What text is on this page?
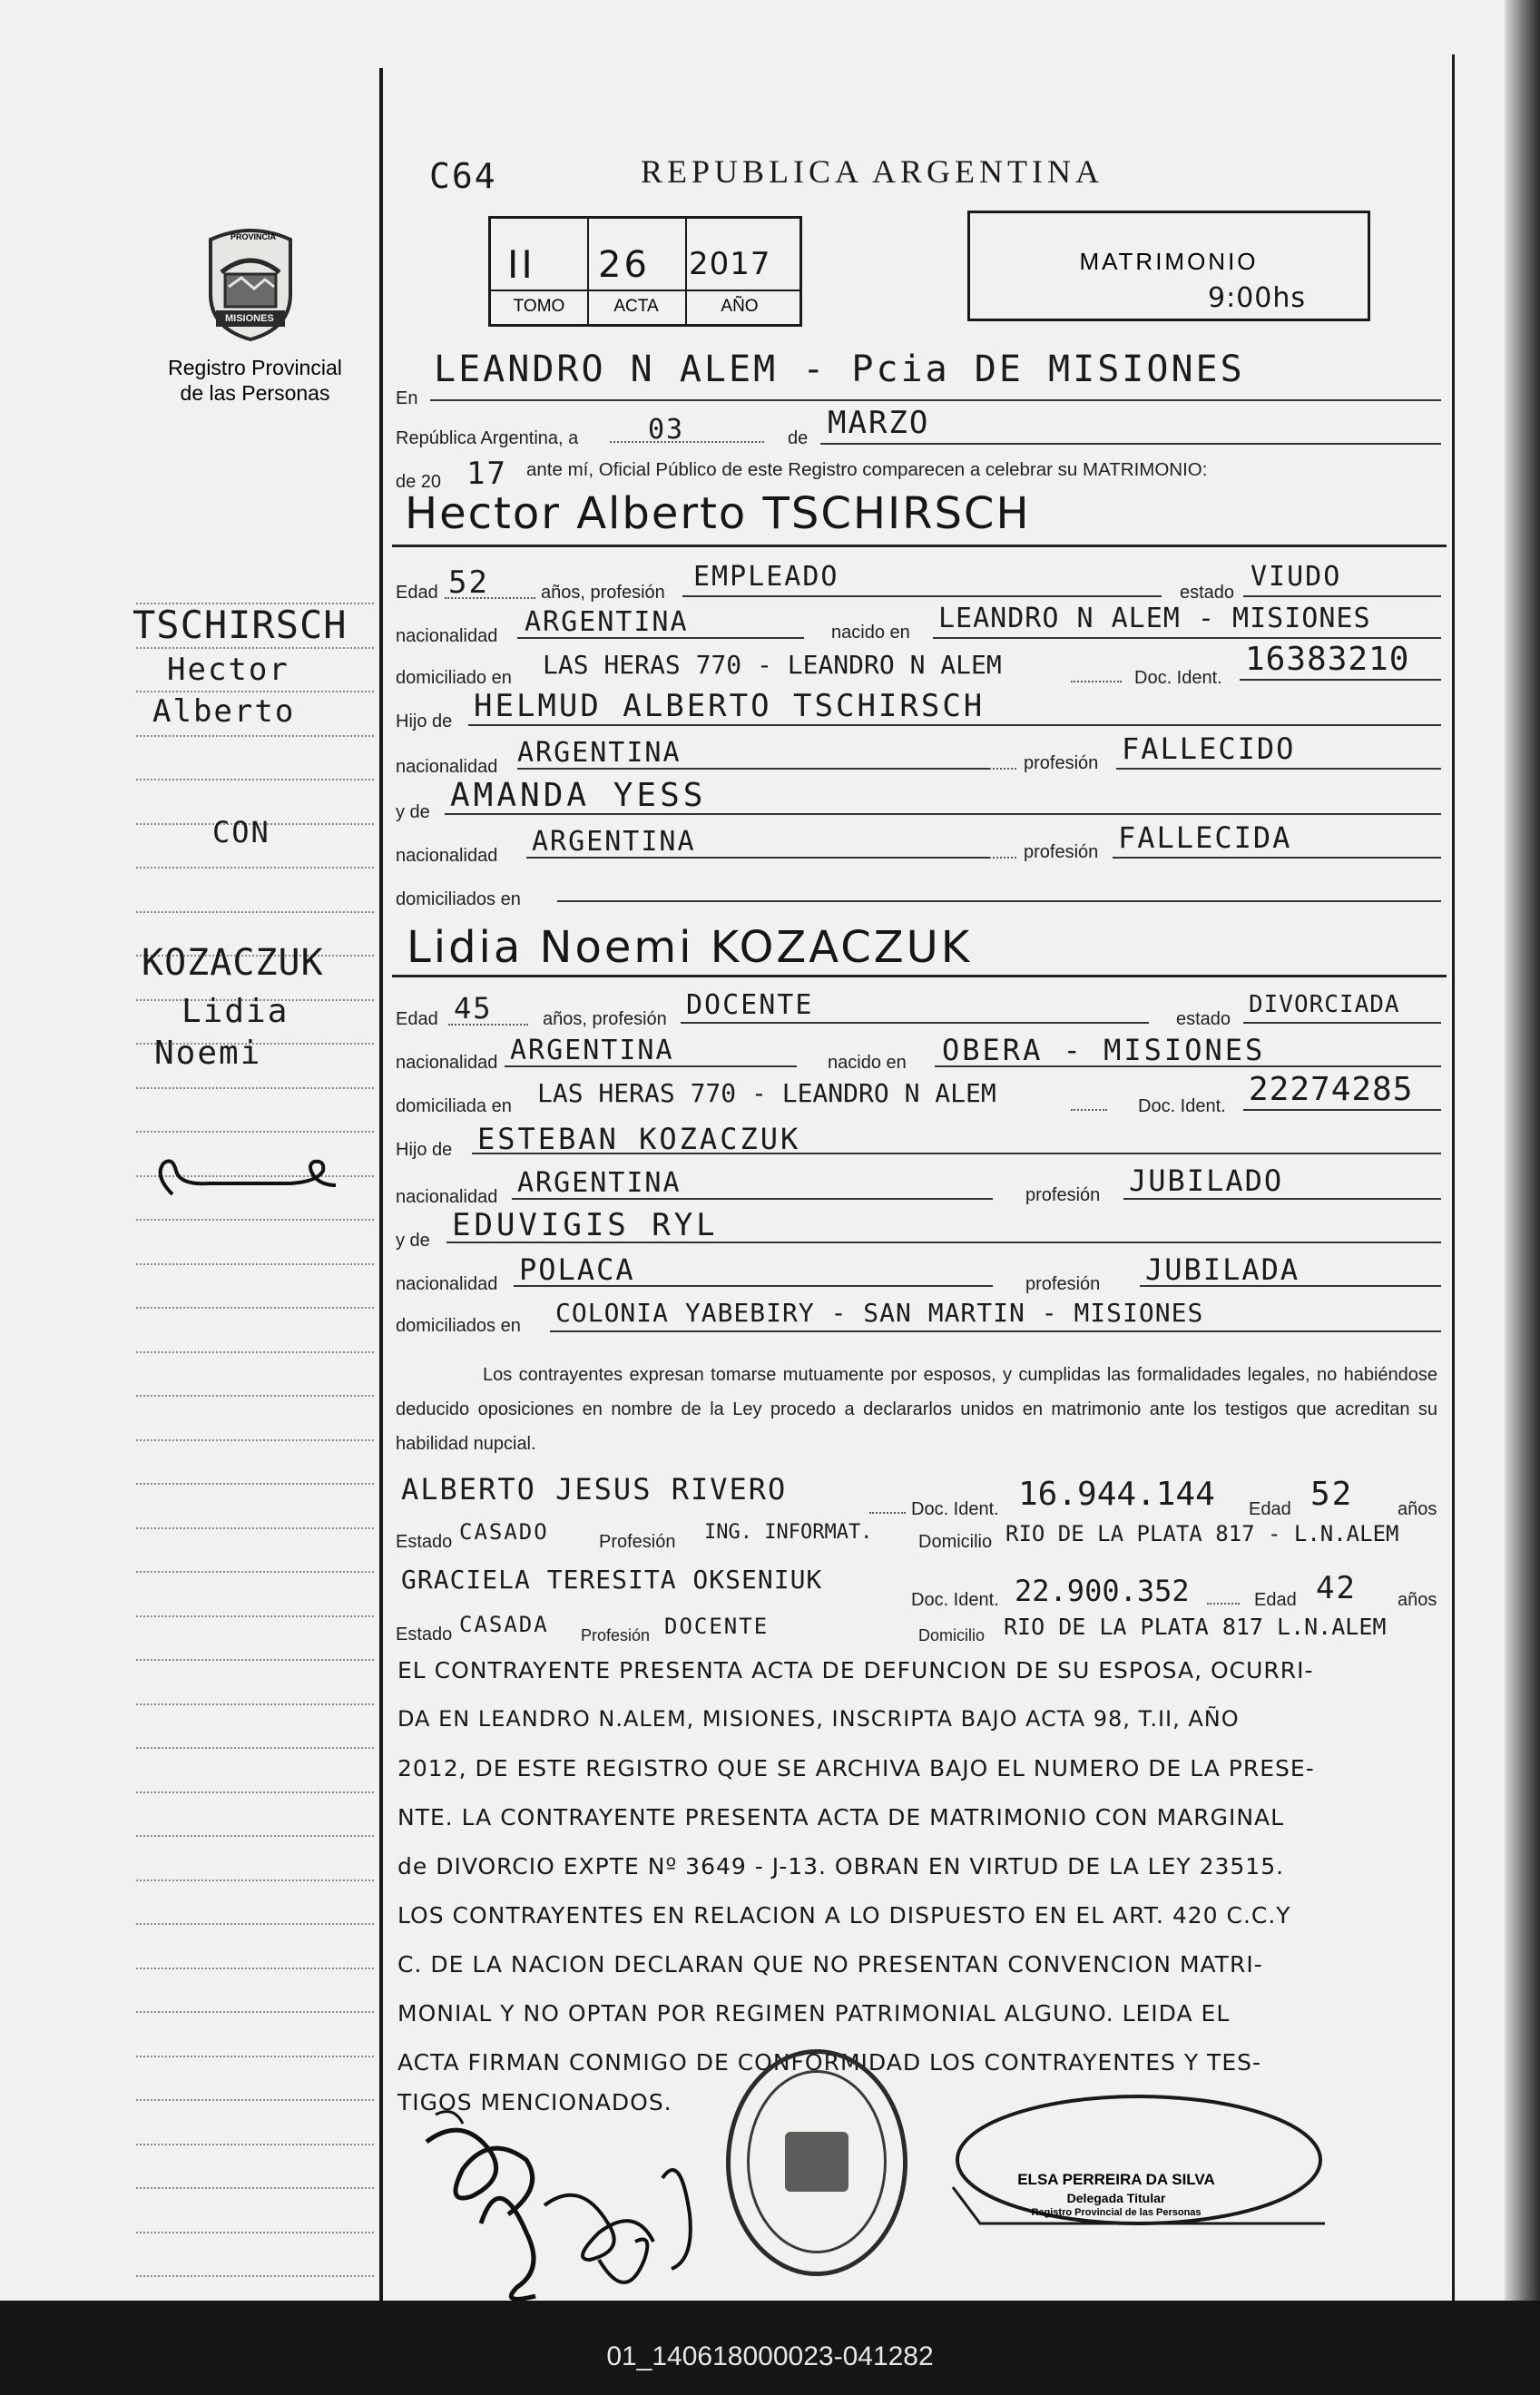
C64	REPUBLICA ARGENTINA
II 26 2017
TOMO	ACTA	AÑO
MATRIMONIO
9:00hs
PROVINCIA
MISIONES
Registro Provincial
de las Personas	En
LEANDRO N ALEM - Pcia DE MISIONES
República Argentina, a	03	de MARZO
de 20 17 ante mí, Oficial Público de este Registro comparecen a celebrar su MATRIMONIO:
Hector Alberto TSCHIRSCH
Edad 52	años, profesión EMPLEADO	estado VIUDO
nacionalidad ARGENTINA	nacido en LEANDRO N ALEM - MISIONES
domiciliado en LAS HERAS 770 - LEANDRO N ALEM	Doc. Ident. 16383210
Hijo de HELMUD ALBERTO TSCHIRSCH
nacionalidad ARGENTINA	profesión FALLECIDO
y de AMANDA YESS
nacionalidad ARGENTINA	profesión FALLECIDA
domiciliados en
Lidia Noemi KOZACZUK
Edad 45	años, profesión DOCENTE	estado
DIVORCIADA
nacionalidad ARGENTINA	nacido en OBERA - MISIONES
domiciliada en LAS HERAS 770 - LEANDRO N ALEM	Doc. Ident. 22274285
Hijo de ESTEBAN KOZACZUK
nacionalidad ARGENTINA	profesión JUBILADO
y de EDUVIGIS RYL
nacionalidad POLACA	profesión JUBILADA
domiciliados en COLONIA YABEBIRY - SAN MARTIN - MISIONES
Los contrayentes expresan tomarse mutuamente por esposos, y cumplidas las formalidades legales, no habiéndose deducido oposiciones en nombre de la Ley procedo a declararlos unidos en matrimonio ante los testigos que acreditan su habilidad nupcial.
ALBERTO JESUS RIVERO
Doc. Ident. 16.944.144 Edad 52 años
Estado CASADO	Profesión ING. INFORMAT.	Domicilio RIO DE LA PLATA 817 - L.N.ALEM
GRACIELA TERESITA OKSENIUK
Doc. Ident. 22.900.352	Edad 42 años
Estado CASADA Profesión DOCENTE	Domicilio RIO DE LA PLATA 817 L.N.ALEM
EL CONTRAYENTE PRESENTA ACTA DE DEFUNCION DE SU ESPOSA, OCURRI-
DA EN LEANDRO N.ALEM, MISIONES, INSCRIPTA BAJO ACTA 98, T.II, AÑO
2012, DE ESTE REGISTRO QUE SE ARCHIVA BAJO EL NUMERO DE LA PRESE-
NTE. LA CONTRAYENTE PRESENTA ACTA DE MATRIMONIO CON MARGINAL
de DIVORCIO EXPTE Nº 3649 - J-13. OBRAN EN VIRTUD DE LA LEY 23515.
LOS CONTRAYENTES EN RELACION A LO DISPUESTO EN EL ART. 420 C.C.Y
C. DE LA NACION DECLARAN QUE NO PRESENTAN CONVENCION MATRI-
MONIAL Y NO OPTAN POR REGIMEN PATRIMONIAL ALGUNO. LEIDA EL
ACTA FIRMAN CONMIGO DE CONFORMIDAD LOS CONTRAYENTES Y TES-
TIGOS MENCIONADOS.
ELSA PERREIRA DA SILVA
Delegada Titular
Registro Provincial de las Personas
TSCHIRSCH
Hector
Alberto
CON
KOZACZUK
Lidia
Noemi
01_140618000023-041282
